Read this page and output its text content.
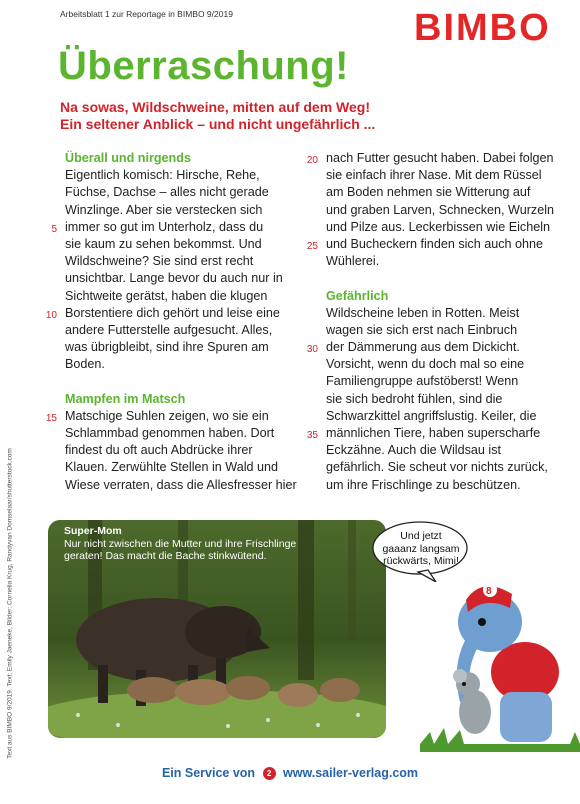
Arbeitsblatt 1 zur Reportage in BIMBO 9/2019	BIMBO
Überraschung!
Na sowas, Wildschweine, mitten auf dem Weg!
Ein seltener Anblick – und nicht ungefährlich ...
Überall und nirgends
Eigentlich komisch: Hirsche, Rehe,
Füchse, Dachse – alles nicht gerade
Winzlinge. Aber sie verstecken sich
immer so gut im Unterholz, dass du
5
sie kaum zu sehen bekommst. Und
Wildschweine? Sie sind erst recht
unsichtbar. Lange bevor du auch nur in
Sichtweite gerätst, haben die klugen
Borstentiere dich gehört und leise eine
10
andere Futterstelle aufgesucht. Alles,
was übrigbleibt, sind ihre Spuren am
Boden.
Mampfen im Matsch
Matschige Suhlen zeigen, wo sie ein
15
Schlammbad genommen haben. Dort
findest du oft auch Abdrücke ihrer
Klauen. Zerwühlte Stellen in Wald und
Wiese verraten, dass die Allesfresser hier
nach Futter gesucht haben. Dabei folgen
20
sie einfach ihrer Nase. Mit dem Rüssel
am Boden nehmen sie Witterung auf
und graben Larven, Schnecken, Wurzeln
und Pilze aus. Leckerbissen wie Eicheln
und Bucheckern finden sich auch ohne
25
Wühlerei.
Gefährlich
Wildscheine leben in Rotten. Meist
wagen sie sich erst nach Einbruch
der Dämmerung aus dem Dickicht.
30
Vorsicht, wenn du doch mal so eine
Familiengruppe aufstöberst! Wenn
sie sich bedroht fühlen, sind die
Schwarzkittel angriffslustig. Keiler, die
männlichen Tiere, haben superscharfe
35
Eckzähne. Auch die Wildsau ist
gefährlich. Sie scheut vor nichts zurück,
um ihre Frischlinge zu beschützen.
Text aus BIMBO 9/2019. Text: Emily Jaeneke, Bilder: Cornelia Krug, Randyvan Domselaar/shutterstock.com	Super-Mom
Nur nicht zwischen die Mutter und ihre Frischlinge
geraten! Das macht die Bache stinkwütend.
Und jetzt
gaaanz langsam
rückwärts, Mimi!
8
Ein Service von 2 www.sailer-verlag.com
